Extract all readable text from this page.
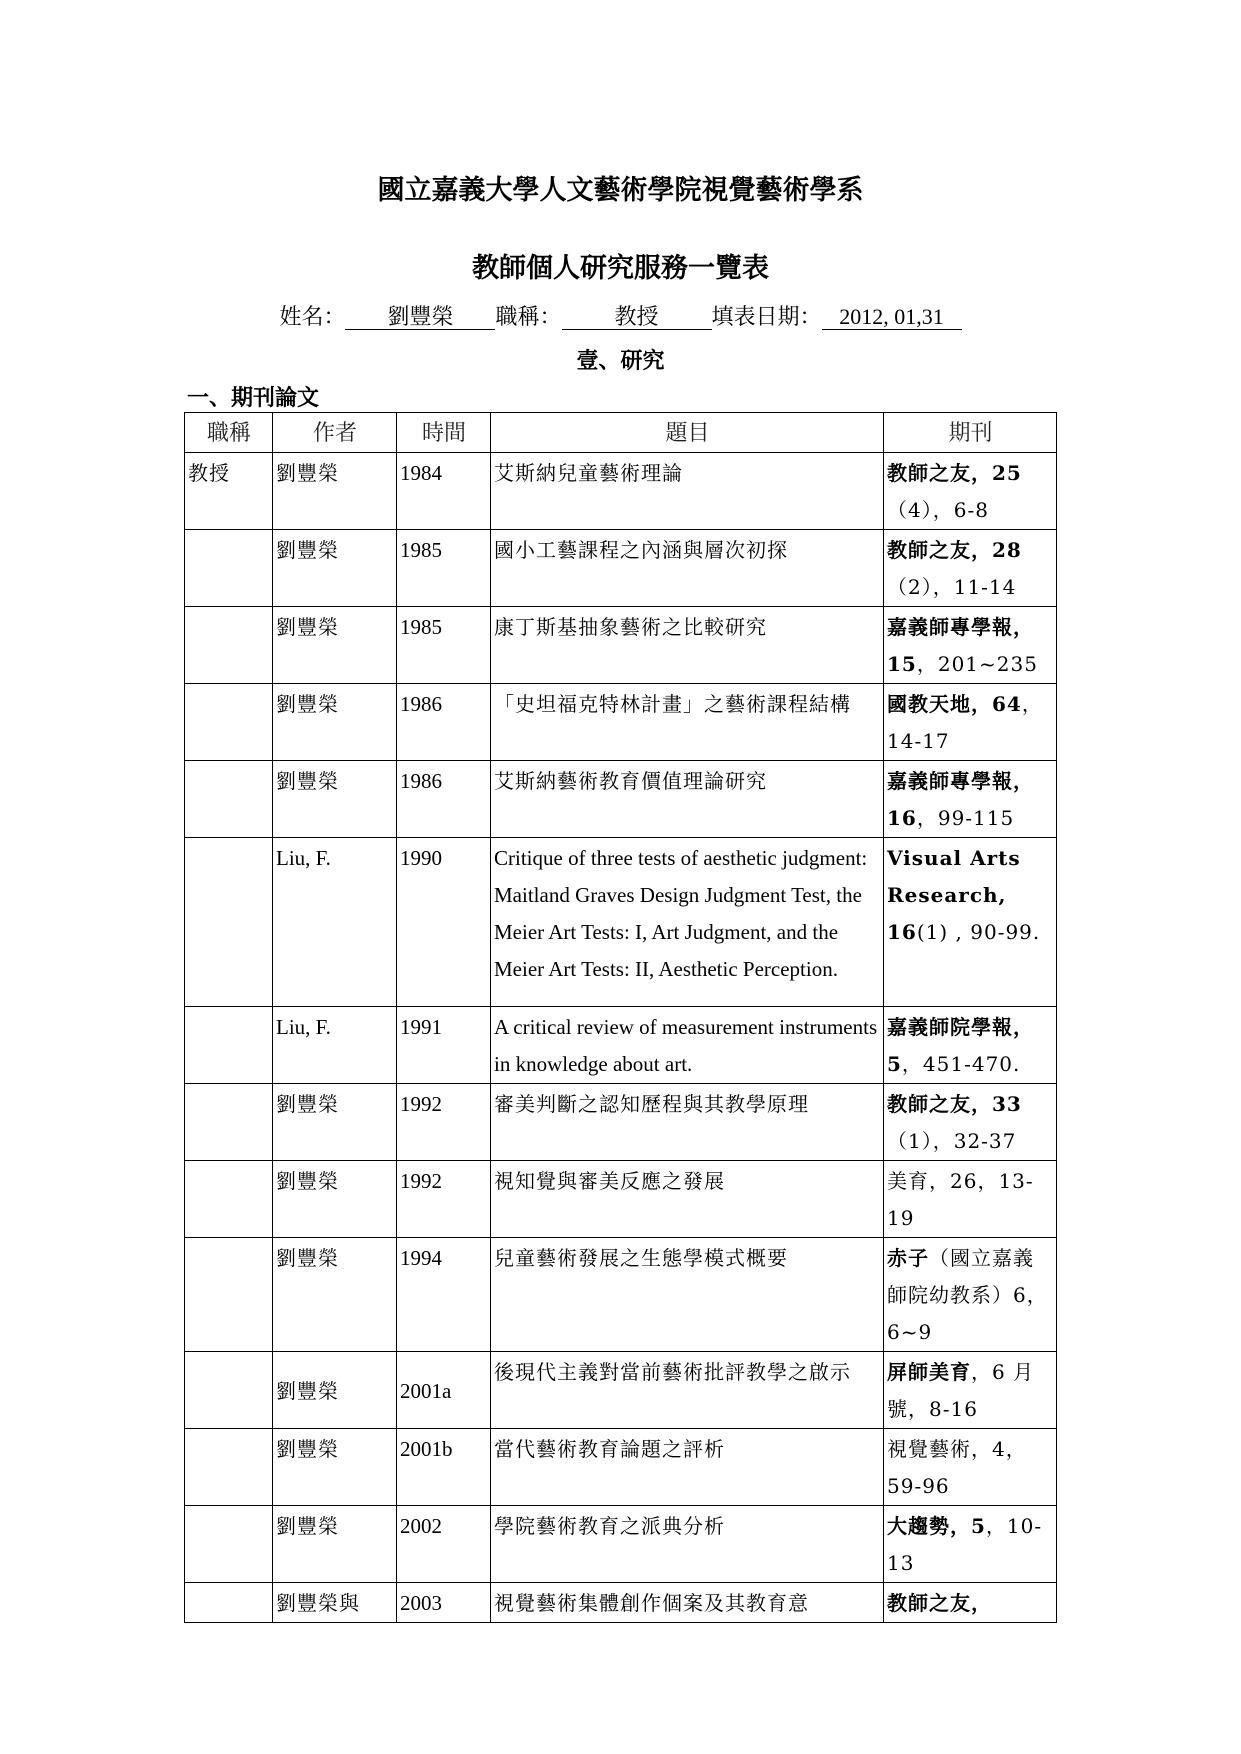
國立嘉義大學人文藝術學院視覺藝術學系
教師個人研究服務一覽表
姓名： 劉豐榮 職稱： 教授 填表日期： 2012, 01,31
壹、研究
一、期刊論文
職稱	作者	時間	題目	期刊
教授	劉豐榮	1984	艾斯納兒童藝術理論	教師之友，25（4），6-8
	劉豐榮	1985	國小工藝課程之內涵與層次初探	教師之友，28（2），11-14
	劉豐榮	1985	康丁斯基抽象藝術之比較研究	嘉義師專學報，15，201~235
	劉豐榮	1986	「史坦福克特林計畫」之藝術課程結構	國教天地，64，14-17
	劉豐榮	1986	艾斯納藝術教育價值理論研究	嘉義師專學報，16，99-115
	Liu, F.	1990	Critique of three tests of aesthetic judgment: Maitland Graves Design Judgment Test, the Meier Art Tests: I, Art Judgment, and the Meier Art Tests: II, Aesthetic Perception.	Visual Arts Research, 16(1) , 90-99.
	Liu, F.	1991	A critical review of measurement instruments in knowledge about art.	嘉義師院學報，5，451-470.
	劉豐榮	1992	審美判斷之認知歷程與其教學原理	教師之友，33（1），32-37
	劉豐榮	1992	視知覺與審美反應之發展	美育，26，13-19
	劉豐榮	1994	兒童藝術發展之生態學模式概要	赤子（國立嘉義師院幼教系）6，6~9
	劉豐榮	2001a	後現代主義對當前藝術批評教學之啟示	屏師美育，6 月號，8-16
	劉豐榮	2001b	當代藝術教育論題之評析	視覺藝術，4，59-96
	劉豐榮	2002	學院藝術教育之派典分析	大趨勢，5，10-13
	劉豐榮與	2003	視覺藝術集體創作個案及其教育意	教師之友，
